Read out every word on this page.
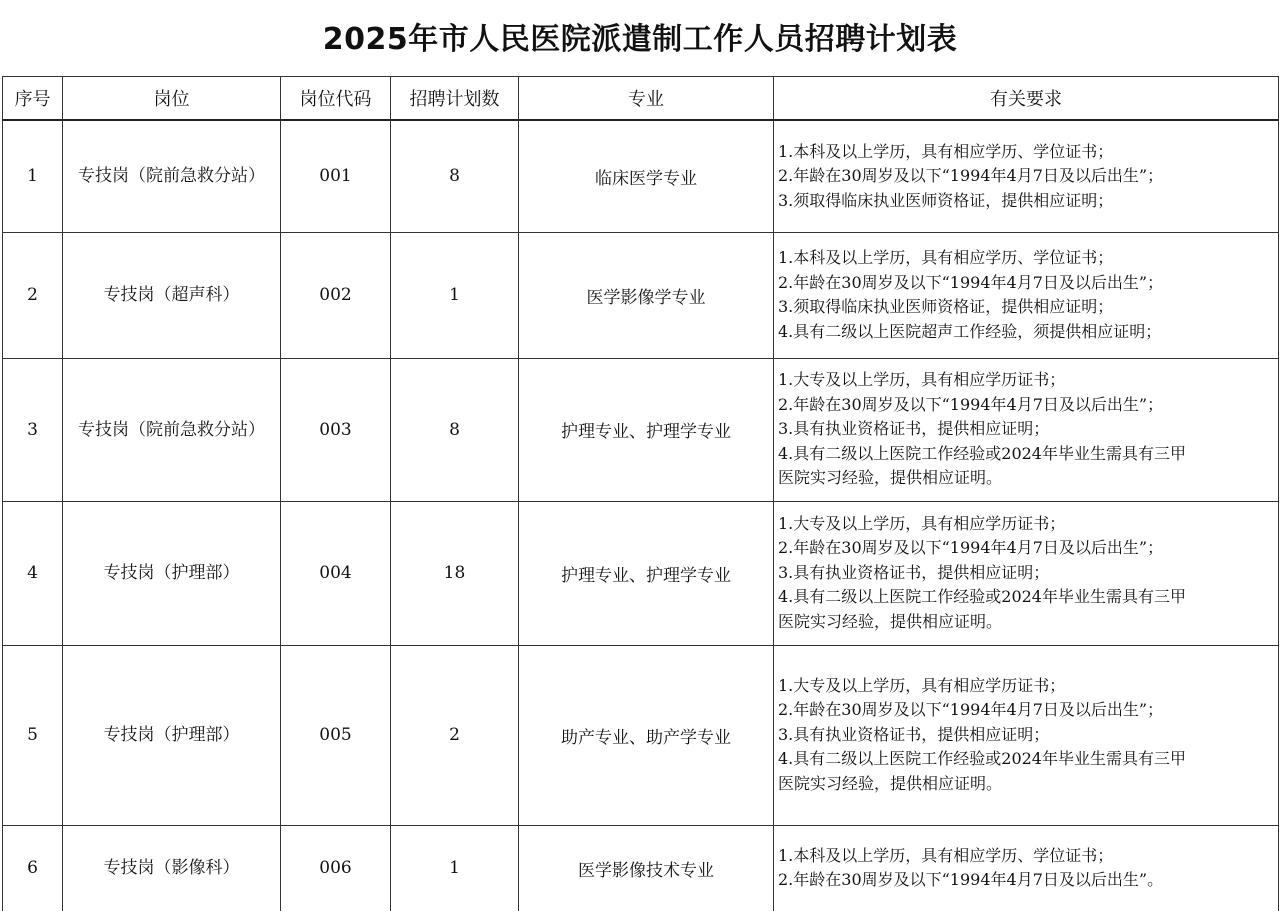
2025年市人民医院派遣制工作人员招聘计划表
序号	岗位	岗位代码	招聘计划数	专业	有关要求
1	专技岗（院前急救分站）	001	8	临床医学专业	1.本科及以上学历，具有相应学历、学位证书；
2.年龄在30周岁及以下“1994年4月7日及以后出生”；
3.须取得临床执业医师资格证，提供相应证明；

2	专技岗（超声科）	002	1	医学影像学专业	1.本科及以上学历，具有相应学历、学位证书；
2.年龄在30周岁及以下“1994年4月7日及以后出生”；
3.须取得临床执业医师资格证，提供相应证明；
4.具有二级以上医院超声工作经验，须提供相应证明；

3	专技岗（院前急救分站）	003	8	护理专业、护理学专业	1.大专及以上学历，具有相应学历证书；
2.年龄在30周岁及以下“1994年4月7日及以后出生”；
3.具有执业资格证书，提供相应证明；
4.具有二级以上医院工作经验或2024年毕业生需具有三甲
医院实习经验，提供相应证明。

4	专技岗（护理部）	004	18	护理专业、护理学专业	1.大专及以上学历，具有相应学历证书；
2.年龄在30周岁及以下“1994年4月7日及以后出生”；
3.具有执业资格证书，提供相应证明；
4.具有二级以上医院工作经验或2024年毕业生需具有三甲
医院实习经验，提供相应证明。

5	专技岗（护理部）	005	2	助产专业、助产学专业	1.大专及以上学历，具有相应学历证书；
2.年龄在30周岁及以下“1994年4月7日及以后出生”；
3.具有执业资格证书，提供相应证明；
4.具有二级以上医院工作经验或2024年毕业生需具有三甲
医院实习经验，提供相应证明。

6	专技岗（影像科）	006	1	医学影像技术专业	1.本科及以上学历，具有相应学历、学位证书；
2.年龄在30周岁及以下“1994年4月7日及以后出生”。
